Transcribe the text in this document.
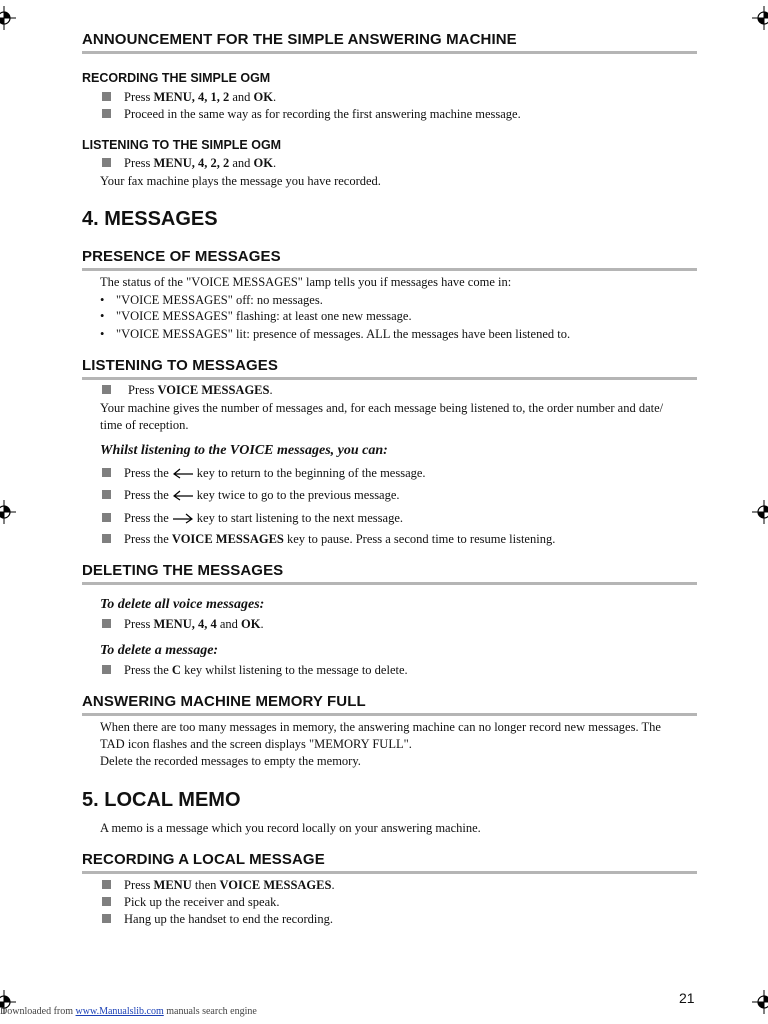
ANNOUNCEMENT FOR THE SIMPLE ANSWERING MACHINE
RECORDING THE SIMPLE OGM
Press MENU, 4, 1, 2 and OK.
Proceed in the same way as for recording the first answering machine message.
LISTENING TO THE SIMPLE OGM
Press MENU, 4, 2, 2 and OK.
Your fax machine plays the message you have recorded.
4. MESSAGES
PRESENCE OF MESSAGES
The status of the "VOICE MESSAGES" lamp tells you if messages have come in:
• "VOICE MESSAGES" off: no messages.
• "VOICE MESSAGES" flashing: at least one new message.
• "VOICE MESSAGES" lit: presence of messages. ALL the messages have been listened to.
LISTENING TO MESSAGES
Press VOICE MESSAGES.
Your machine gives the number of messages and, for each message being listened to, the order number and date/
time of reception.
Whilst listening to the VOICE messages, you can:
Press the key to return to the beginning of the message.
Press the key twice to go to the previous message.
Press the key to start listening to the next message.
Press the VOICE MESSAGES key to pause. Press a second time to resume listening.
DELETING THE MESSAGES
To delete all voice messages:
Press MENU, 4, 4 and OK.
To delete a message:
Press the C key whilst listening to the message to delete.
ANSWERING MACHINE MEMORY FULL
When there are too many messages in memory, the answering machine can no longer record new messages. The
TAD icon flashes and the screen displays "MEMORY FULL".
Delete the recorded messages to empty the memory.
5. LOCAL MEMO
A memo is a message which you record locally on your answering machine.
RECORDING A LOCAL MESSAGE
Press MENU then VOICE MESSAGES.
Pick up the receiver and speak.
Hang up the handset to end the recording.
21
Downloaded from www.Manualslib.com manuals search engine
